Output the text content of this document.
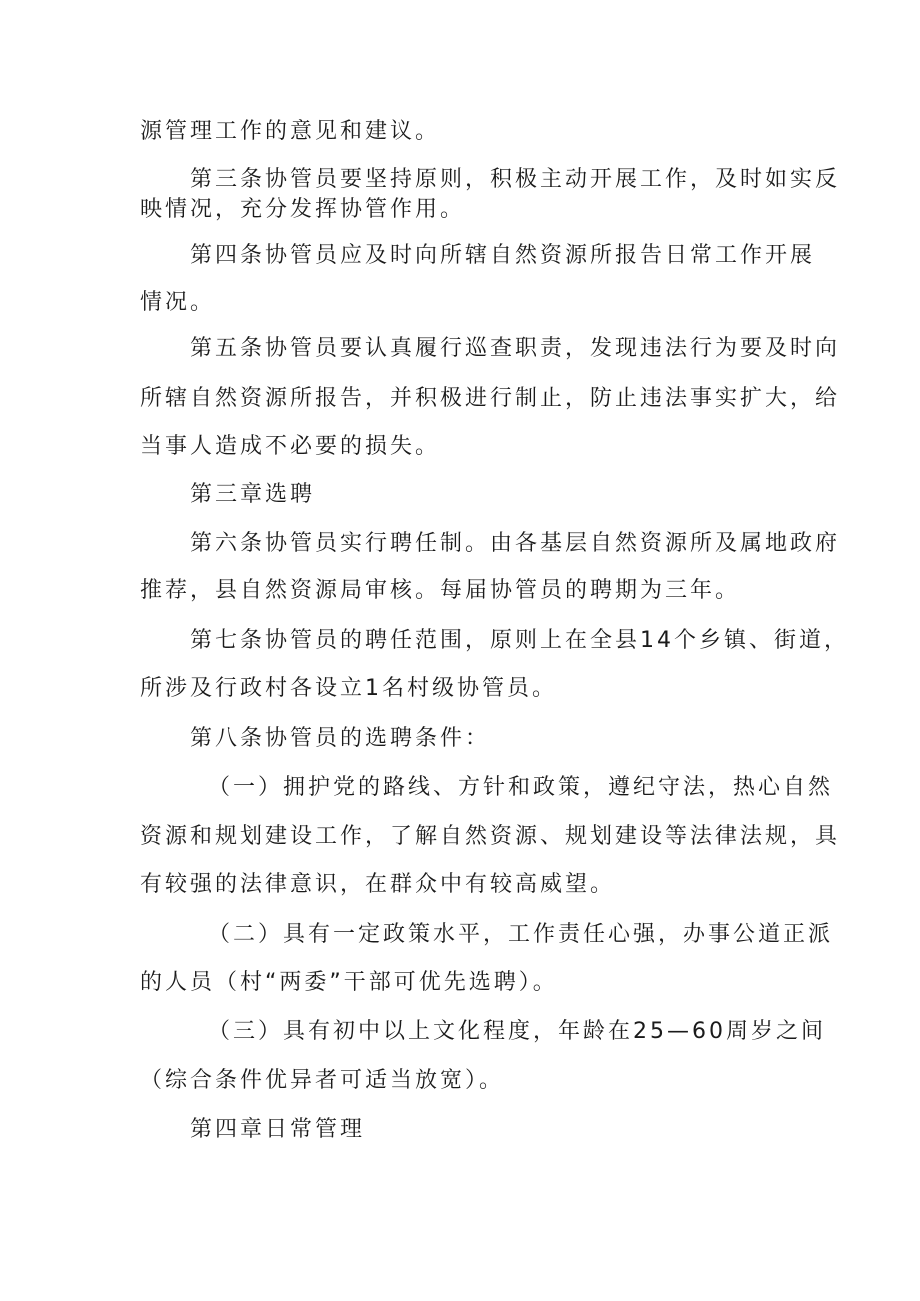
源管理工作的意见和建议。
第三条协管员要坚持原则，积极主动开展工作，及时如实反
映情况，充分发挥协管作用。
第四条协管员应及时向所辖自然资源所报告日常工作开展
情况。
第五条协管员要认真履行巡查职责，发现违法行为要及时向
所辖自然资源所报告，并积极进行制止，防止违法事实扩大，给
当事人造成不必要的损失。
第三章选聘
第六条协管员实行聘任制。由各基层自然资源所及属地政府
推荐，县自然资源局审核。每届协管员的聘期为三年。
第七条协管员的聘任范围，原则上在全县14个乡镇、街道，
所涉及行政村各设立1名村级协管员。
第八条协管员的选聘条件：
（一）拥护党的路线、方针和政策，遵纪守法，热心自然
资源和规划建设工作，了解自然资源、规划建设等法律法规，具
有较强的法律意识，在群众中有较高威望。
（二）具有一定政策水平，工作责任心强，办事公道正派
的人员（村“两委”干部可优先选聘）。
（三）具有初中以上文化程度，年龄在25—60周岁之间
（综合条件优异者可适当放宽）。
第四章日常管理
